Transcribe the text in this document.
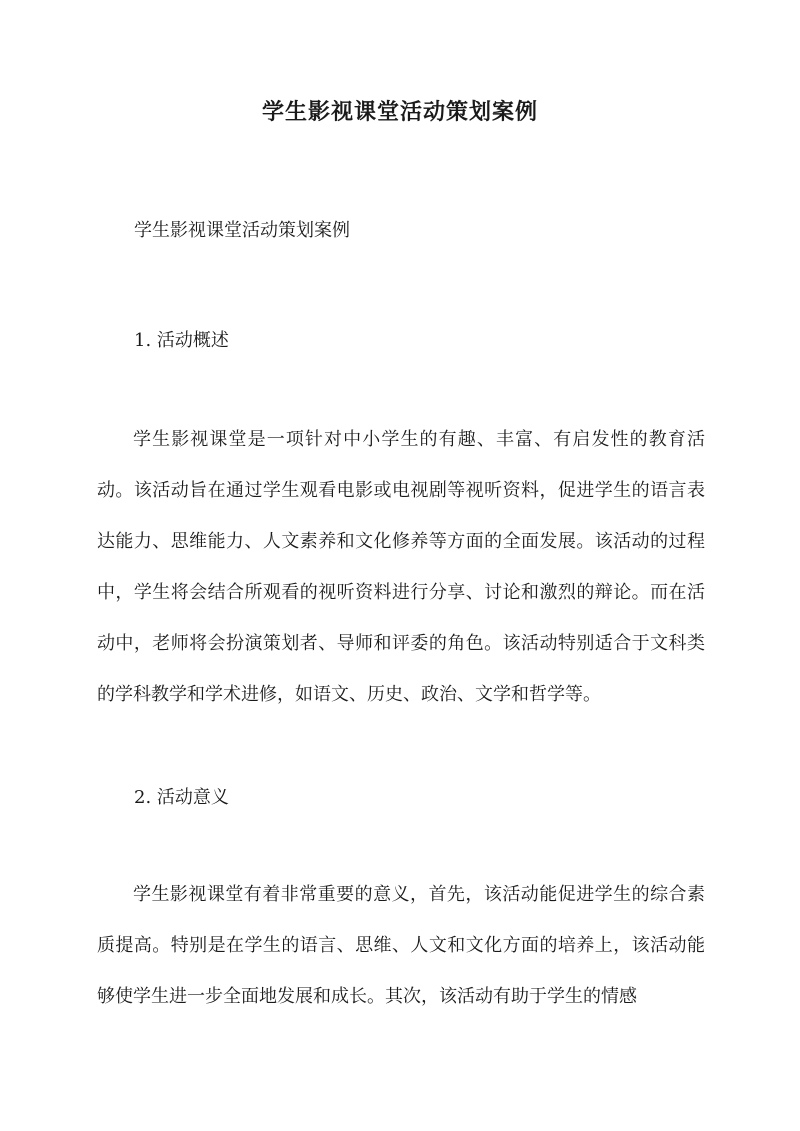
学生影视课堂活动策划案例

学生影视课堂活动策划案例

1. 活动概述

学生影视课堂是一项针对中小学生的有趣、丰富、有启发性的教育活动。该活动旨在通过学生观看电影或电视剧等视听资料，促进学生的语言表达能力、思维能力、人文素养和文化修养等方面的全面发展。该活动的过程中，学生将会结合所观看的视听资料进行分享、讨论和激烈的辩论。而在活动中，老师将会扮演策划者、导师和评委的角色。该活动特别适合于文科类的学科教学和学术进修，如语文、历史、政治、文学和哲学等。

2. 活动意义

学生影视课堂有着非常重要的意义，首先，该活动能促进学生的综合素质提高。特别是在学生的语言、思维、人文和文化方面的培养上，该活动能够使学生进一步全面地发展和成长。其次，该活动有助于学生的情感
